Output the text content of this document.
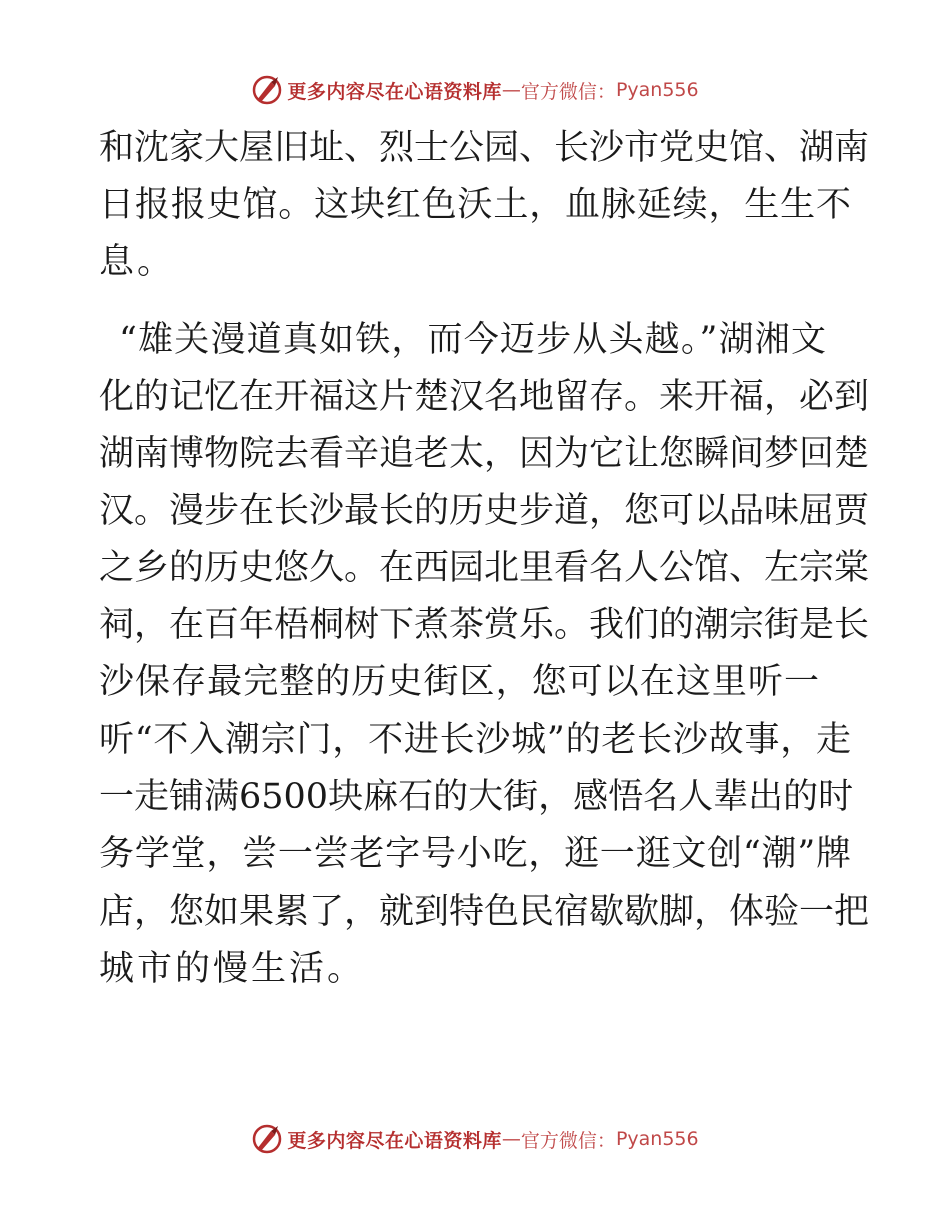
更多内容尽在心语资料库 — 官方微信： Pyan556
和沈家大屋旧址、烈士公园、长沙市党史馆、湖南
日报报史馆。这块红色沃土，血脉延续，生生不
息。
“雄关漫道真如铁，而今迈步从头越。”湖湘文
化的记忆在开福这片楚汉名地留存。来开福，必到
湖南博物院去看辛追老太，因为它让您瞬间梦回楚
汉。漫步在长沙最长的历史步道，您可以品味屈贾
之乡的历史悠久。在西园北里看名人公馆、左宗棠
祠，在百年梧桐树下煮茶赏乐。我们的潮宗街是长
沙保存最完整的历史街区，您可以在这里听一
听“不入潮宗门，不进长沙城”的老长沙故事，走
一走铺满6500块麻石的大街，感悟名人辈出的时
务学堂，尝一尝老字号小吃，逛一逛文创“潮”牌
店，您如果累了，就到特色民宿歇歇脚，体验一把
城市的慢生活。
更多内容尽在心语资料库 — 官方微信： Pyan556
